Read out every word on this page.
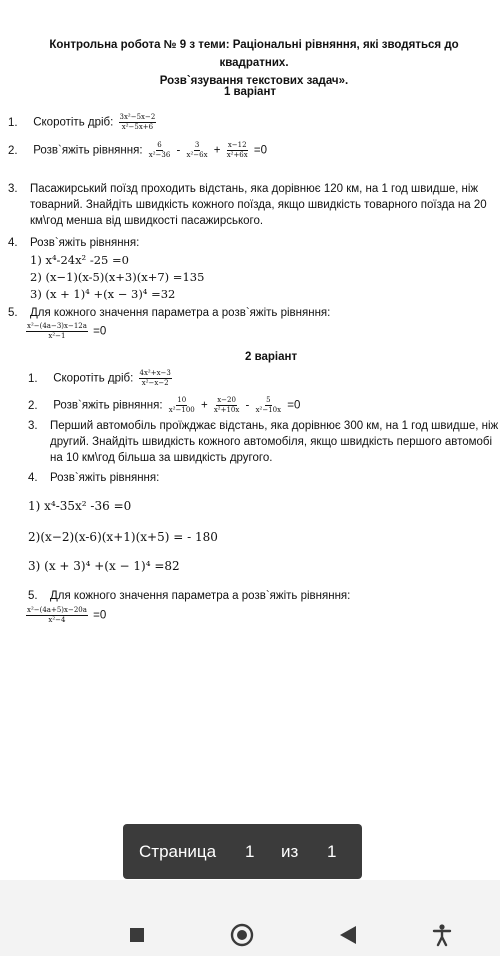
Контрольна робота № 9 з теми: Раціональні рівняння, які зводяться до квадратних.
Розв`язування текстових задач».
1 варіант
1. Скоротіть дріб: $\frac{\text{3x²−5x−2}}{\text{x²−5x+6}}$
2. Розв`яжіть рівняння: $\frac{6}{\text{x²−36}} - \frac{3}{\text{x²−6x}} + \frac{x-12}{\text{x²+6x}} =0$
3. Пасажирський поїзд проходить відстань, яка дорівнює 120 км, на 1 год швидше, ніж
товарний. Знайдіть швидкість кожного поїзда, якщо швидкість товарного поїзда на 20
км\год менша від швидкості пасажирського.
4. Розв`яжіть рівняння:
1) x⁴-24x² -25 =0
2) (x−1)(x-5)(x+3)(x+7) =135
3) (x + 1)⁴ +(x − 3)⁴ =32
5. Для кожного значення параметра а розв`яжіть рівняння:
$\frac{\text{x²−(4a−3)x−12a}}{\text{x²−1}} =0$
2 варіант
1. Скоротіть дріб: $\frac{\text{4x²+x−3}}{\text{x²−x−2}}$
2. Розв`яжіть рівняння: $\frac{10}{\text{x²−100}} + \frac{x-20}{\text{x²+10x}} - \frac{5}{\text{x²−10x}} =0$
3. Перший автомобіль проїжджає відстань, яка дорівнює 300 км, на 1 год швидше, ніж
другий. Знайдіть швидкість кожного автомобіля, якщо швидкість першого автомобі
на 10 км\год більша за швидкість другого.
4. Розв`яжіть рівняння:
1) x⁴-35x² -36 =0
2)(x−2)(x-6)(x+1)(x+5) = - 180
3) (x + 3)⁴ +(x − 1)⁴ =82
5. Для кожного значення параметра а розв`яжіть рівняння:
$\frac{\text{x²−(4a+5)x−20a}}{\text{x²−4}} =0$
Страница 1 из 1
